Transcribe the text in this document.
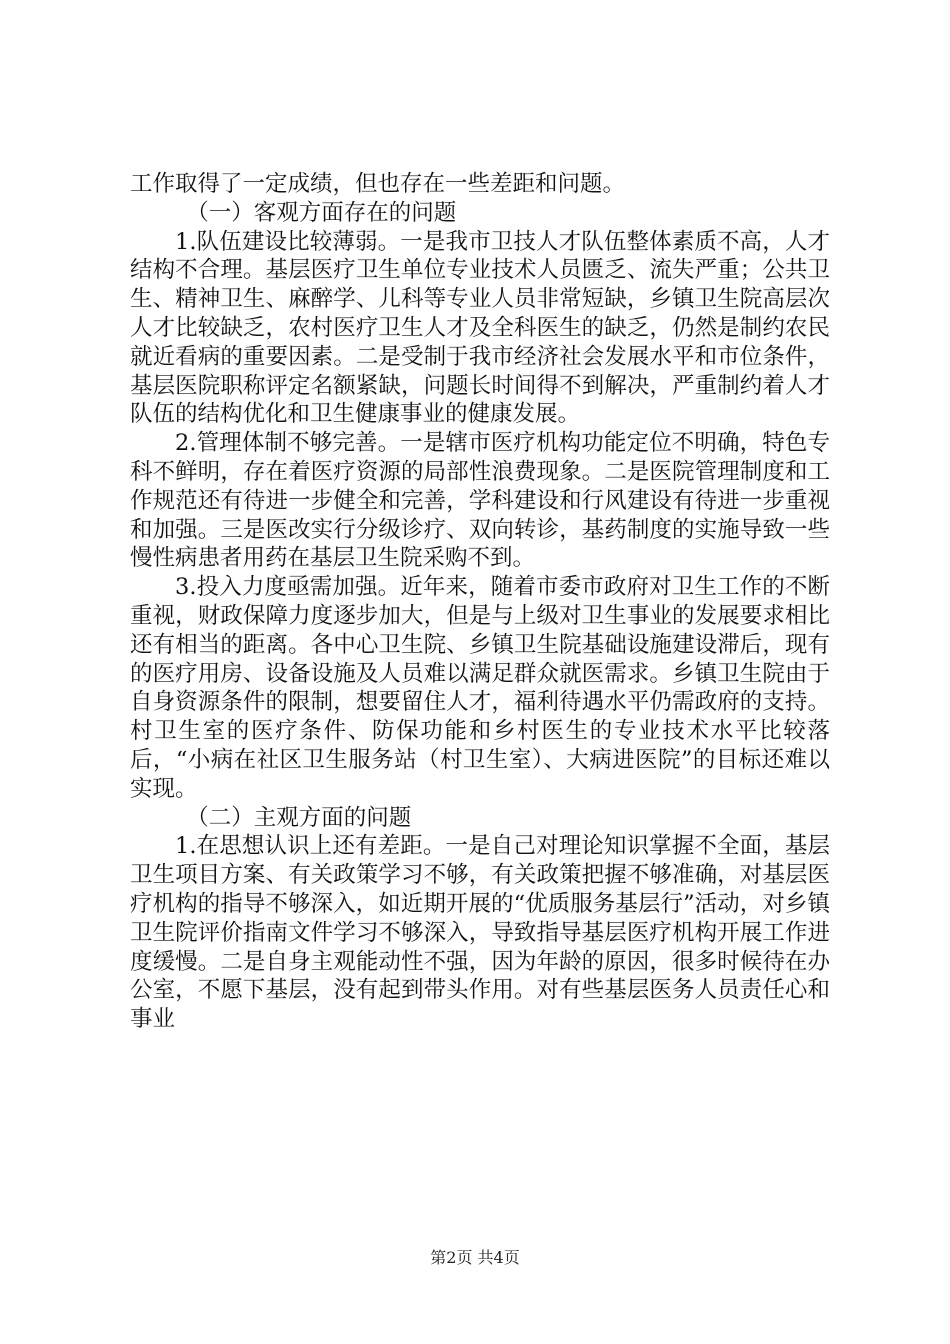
工作取得了一定成绩，但也存在一些差距和问题。

（一）客观方面存在的问题

1.队伍建设比较薄弱。一是我市卫技人才队伍整体素质不高，人才结构不合理。基层医疗卫生单位专业技术人员匮乏、流失严重；公共卫生、精神卫生、麻醉学、儿科等专业人员非常短缺，乡镇卫生院高层次人才比较缺乏，农村医疗卫生人才及全科医生的缺乏，仍然是制约农民就近看病的重要因素。二是受制于我市经济社会发展水平和市位条件，基层医院职称评定名额紧缺，问题长时间得不到解决，严重制约着人才队伍的结构优化和卫生健康事业的健康发展。

2.管理体制不够完善。一是辖市医疗机构功能定位不明确，特色专科不鲜明，存在着医疗资源的局部性浪费现象。二是医院管理制度和工作规范还有待进一步健全和完善，学科建设和行风建设有待进一步重视和加强。三是医改实行分级诊疗、双向转诊，基药制度的实施导致一些慢性病患者用药在基层卫生院采购不到。

3.投入力度亟需加强。近年来，随着市委市政府对卫生工作的不断重视，财政保障力度逐步加大，但是与上级对卫生事业的发展要求相比还有相当的距离。各中心卫生院、乡镇卫生院基础设施建设滞后，现有的医疗用房、设备设施及人员难以满足群众就医需求。乡镇卫生院由于自身资源条件的限制，想要留住人才，福利待遇水平仍需政府的支持。村卫生室的医疗条件、防保功能和乡村医生的专业技术水平比较落后，“小病在社区卫生服务站（村卫生室）、大病进医院”的目标还难以实现。

（二）主观方面的问题

1.在思想认识上还有差距。一是自己对理论知识掌握不全面，基层卫生项目方案、有关政策学习不够，有关政策把握不够准确，对基层医疗机构的指导不够深入，如近期开展的“优质服务基层行”活动，对乡镇卫生院评价指南文件学习不够深入，导致指导基层医疗机构开展工作进度缓慢。二是自身主观能动性不强，因为年龄的原因，很多时候待在办公室，不愿下基层，没有起到带头作用。对有些基层医务人员责任心和事业

第2页 共4页
